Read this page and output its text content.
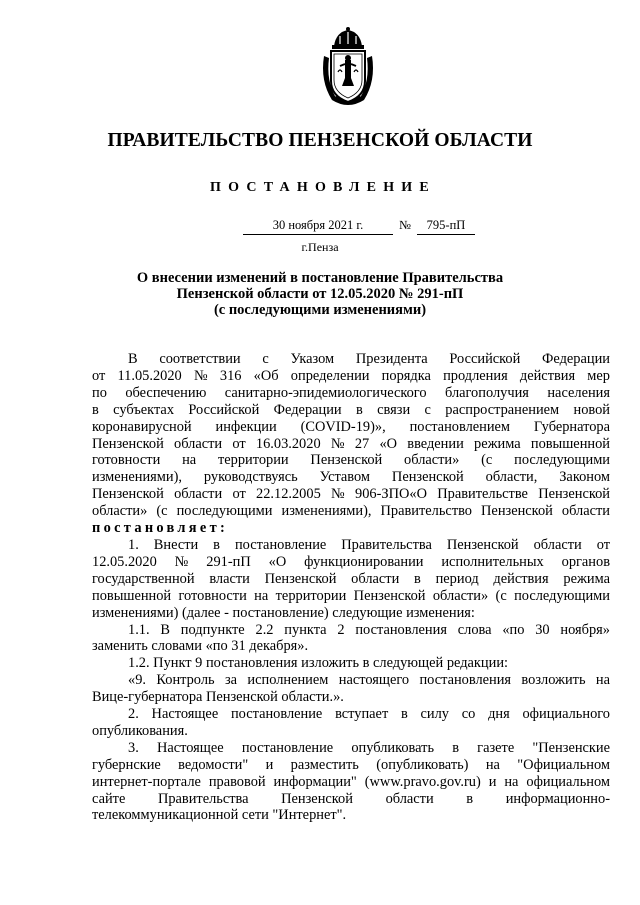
ПРАВИТЕЛЬСТВО ПЕНЗЕНСКОЙ ОБЛАСТИ
ПОСТАНОВЛЕНИЕ
30 ноября 2021 г.	№	795-пП
г.Пенза
О внесении изменений в постановление Правительства
Пензенской области от 12.05.2020 № 291-пП
(с последующими изменениями)
В соответствии с Указом Президента Российской Федерации
от 11.05.2020 № 316 «Об определении порядка продления действия мер
по обеспечению санитарно-эпидемиологического благополучия населения
в субъектах Российской Федерации в связи с распространением новой
коронавирусной инфекции (COVID-19)», постановлением Губернатора
Пензенской области от 16.03.2020 № 27 «О введении режима повышенной
готовности на территории Пензенской области» (с последующими
изменениями), руководствуясь Уставом Пензенской области, Законом
Пензенской области от 22.12.2005 № 906-ЗПО«О Правительстве Пензенской
области» (с последующими изменениями), Правительство Пензенской области
постановляет:
1. Внести в постановление Правительства Пензенской области от
12.05.2020 № 291-пП «О функционировании исполнительных органов
государственной власти Пензенской области в период действия режима
повышенной готовности на территории Пензенской области» (с последующими
изменениями) (далее - постановление) следующие изменения:
1.1. В подпункте 2.2 пункта 2 постановления слова «по 30 ноября»
заменить словами «по 31 декабря».
1.2. Пункт 9 постановления изложить в следующей редакции:
«9. Контроль за исполнением настоящего постановления возложить на
Вице-губернатора Пензенской области.».
2. Настоящее постановление вступает в силу со дня официального
опубликования.
3. Настоящее постановление опубликовать в газете "Пензенские
губернские ведомости" и разместить (опубликовать) на "Официальном
интернет-портале правовой информации" (www.pravo.gov.ru) и на официальном
сайте Правительства Пензенской области в информационно-
телекоммуникационной сети "Интернет".
